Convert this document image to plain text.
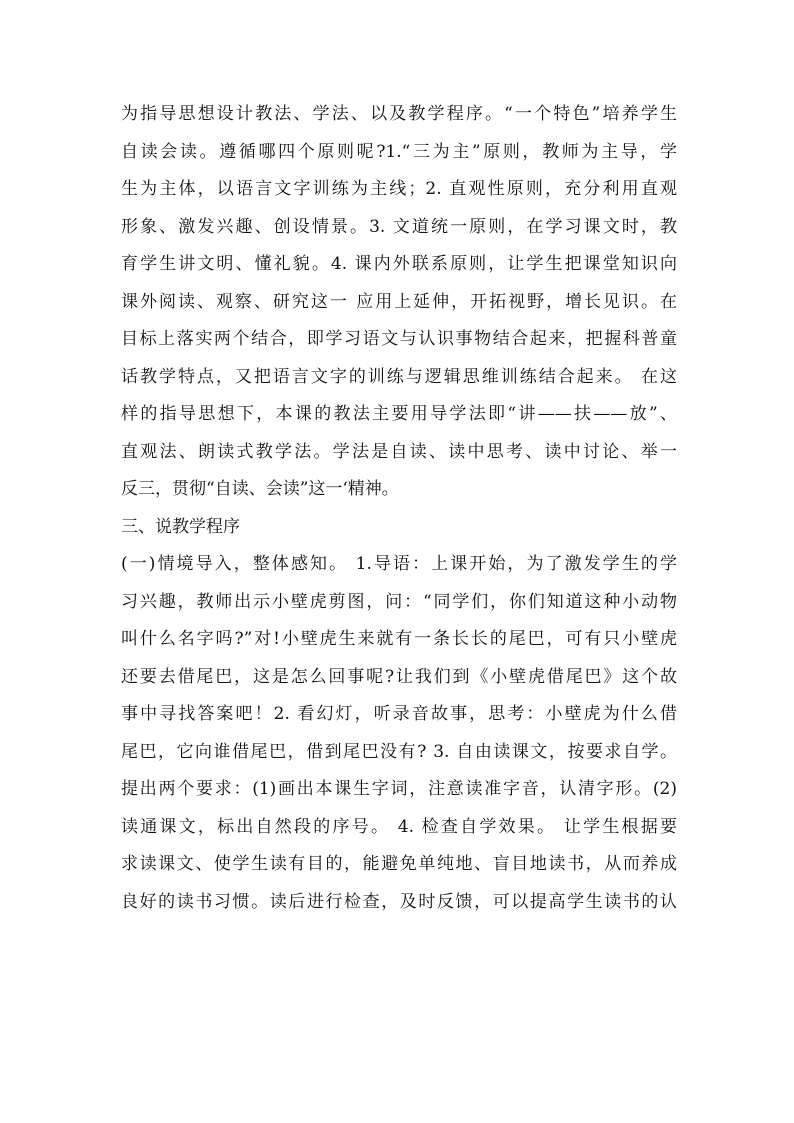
为指导思想设计教法、学法、以及教学程序。“一个特色”培养学生
自读会读。遵循哪四个原则呢?1.“三为主”原则，教师为主导，学
生为主体，以语言文字训练为主线；2. 直观性原则，充分利用直观
形象、激发兴趣、创设情景。3. 文道统一原则，在学习课文时，教
育学生讲文明、懂礼貌。4. 课内外联系原则，让学生把课堂知识向
课外阅读、观察、研究这一 应用上延伸，开拓视野，增长见识。在
目标上落实两个结合，即学习语文与认识事物结合起来，把握科普童
话教学特点，又把语言文字的训练与逻辑思维训练结合起来。 在这
样的指导思想下，本课的教法主要用导学法即“讲——扶——放”、
直观法、朗读式教学法。学法是自读、读中思考、读中讨论、举一
反三，贯彻“自读、会读”这一‘精神。
三、说教学程序
(一)情境导入，整体感知。 1.导语：上课开始，为了激发学生的学
习兴趣，教师出示小壁虎剪图，问：“同学们，你们知道这种小动物
叫什么名字吗?”对!小壁虎生来就有一条长长的尾巴，可有只小壁虎
还要去借尾巴，这是怎么回事呢?让我们到《小壁虎借尾巴》这个故
事中寻找答案吧！2. 看幻灯，听录音故事，思考：小壁虎为什么借
尾巴，它向谁借尾巴，借到尾巴没有? 3. 自由读课文，按要求自学。
提出两个要求：(1)画出本课生字词，注意读准字音，认清字形。(2)
读通课文，标出自然段的序号。 4. 检查自学效果。 让学生根据要
求读课文、使学生读有目的，能避免单纯地、盲目地读书，从而养成
良好的读书习惯。读后进行检查，及时反馈，可以提高学生读书的认
